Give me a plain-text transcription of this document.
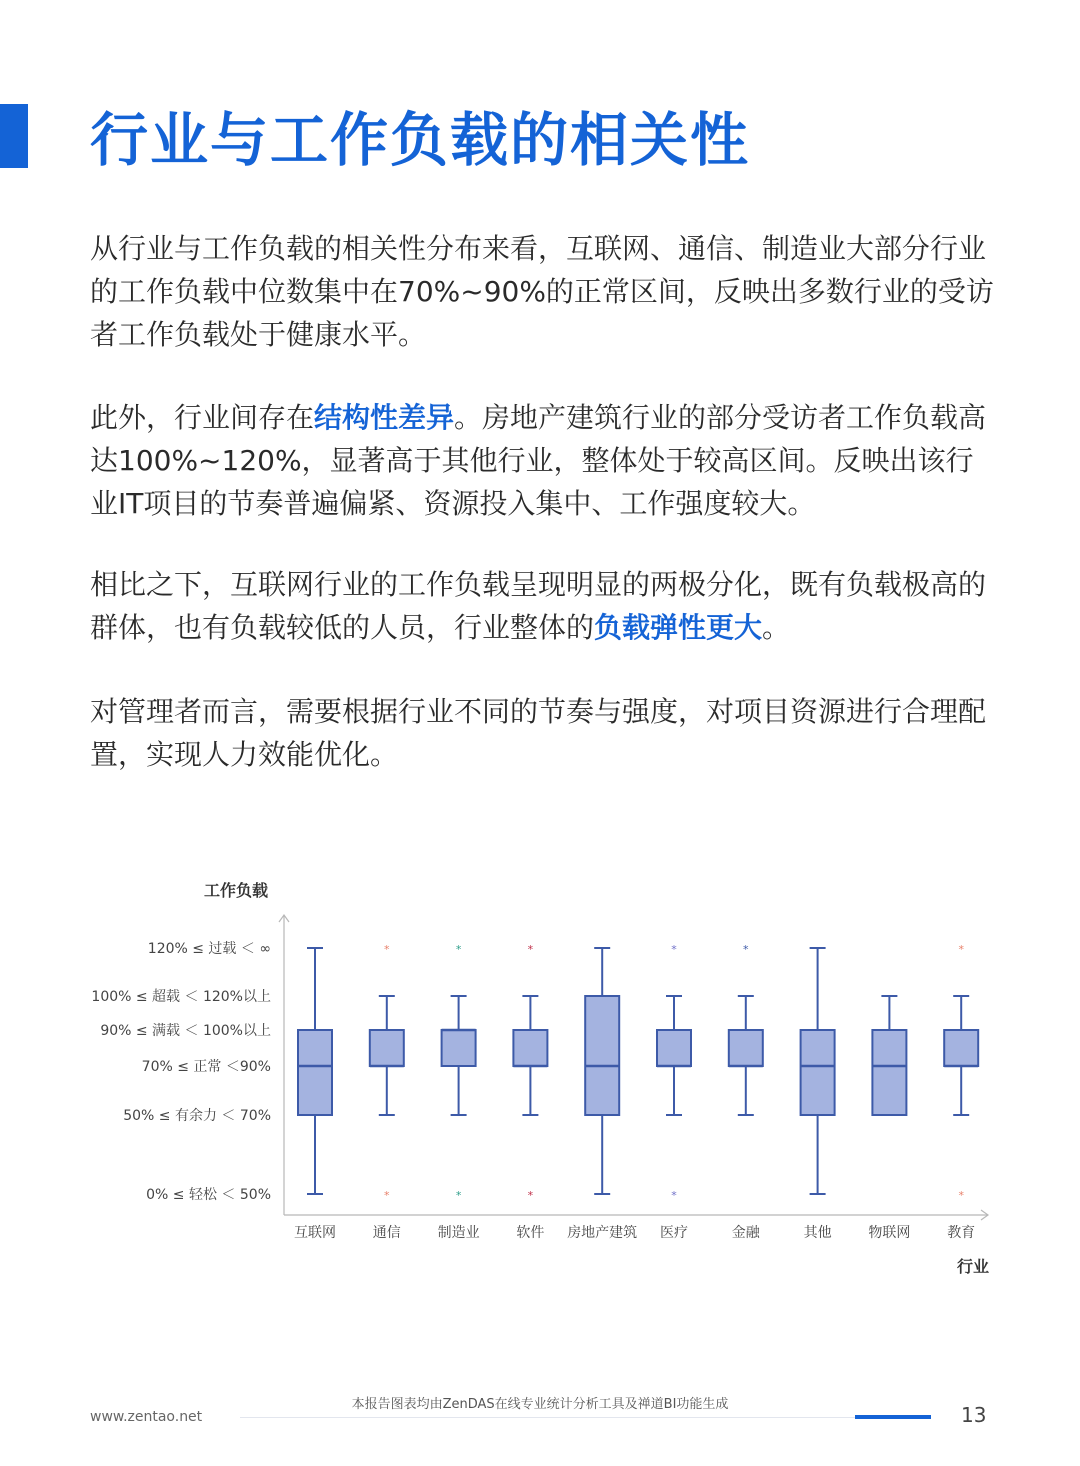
行业与工作负载的相关性

从行业与工作负载的相关性分布来看，互联网、通信、制造业大部分行业的工作负载中位数集中在70%~90%的正常区间，反映出多数行业的受访者工作负载处于健康水平。

此外，行业间存在结构性差异。房地产建筑行业的部分受访者工作负载高达100%~120%，显著高于其他行业，整体处于较高区间。反映出该行业IT项目的节奏普遍偏紧、资源投入集中、工作强度较大。

相比之下，互联网行业的工作负载呈现明显的两极分化，既有负载极高的群体，也有负载较低的人员，行业整体的负载弹性更大。

对管理者而言，需要根据行业不同的节奏与强度，对项目资源进行合理配置，实现人力效能优化。

工作负载
行业
0% ≤ 轻松 ＜ 50%
50% ≤ 有余力 ＜ 70%
70% ≤ 正常 ＜90%
90% ≤ 满载 ＜ 100%以上
100% ≤ 超载 ＜ 120%以上
120% ≤ 过载 ＜ ∞
互联网	通信	制造业	软件 房地产建筑 医疗	金融	其他	物联网	教育
*
*
*
*
*
*
*
*	*
*
*
本报告图表均由ZenDAS在线专业统计分析工具及禅道BI功能生成
www.zentao.net	13
